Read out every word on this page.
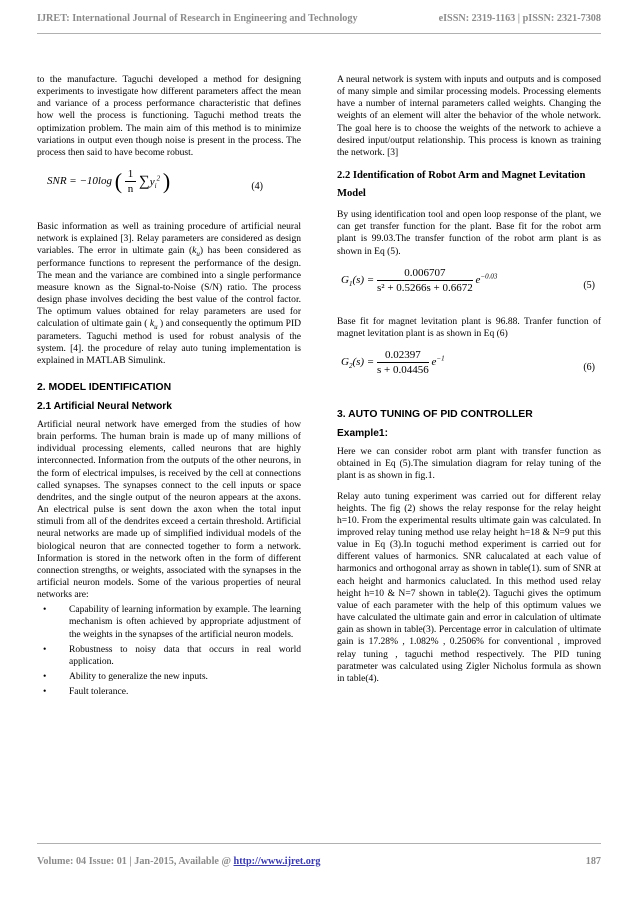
IJRET: International Journal of Research in Engineering and Technology	eISSN: 2319-1163 | pISSN: 2321-7308

to the manufacture. Taguchi developed a method for designing experiments to investigate how different parameters affect the mean and variance of a process performance characteristic that defines how well the process is functioning. Taguchi method treats the optimization problem. The main aim of this method is to minimize variations in output even though noise is present in the process. The process then said to have become robust.

SNR = −10log ( $\frac{1}{n} \sum y_i^2$ )	(4)

Basic information as well as training procedure of artificial neural network is explained [3]. Relay parameters are considered as design variables. The error in ultimate gain $(k_u)$ has been considered as performance functions to represent the performance of the design. The mean and the variance are combined into a single performance measure known as the Signal-to-Noise (S/N) ratio. The process design phase involves deciding the best value of the control factor. The optimum values obtained for relay parameters are used for calculation of ultimate gain ( $k_u$ ) and consequently the optimum PID parameters. Taguchi method is used for robust analysis of the system. [4]. the procedure of relay auto tuning implementation is explained in MATLAB Simulink.

2. MODEL IDENTIFICATION
2.1 Artificial Neural Network

Artificial neural network have emerged from the studies of how brain performs. The human brain is made up of many millions of individual processing elements, called neurons that are highly interconnected. Information from the outputs of the other neurons, in the form of electrical impulses, is received by the cell at connections called synapses. The synapses connect to the cell inputs or space dendrites, and the single output of the neuron appears at the axons. An electrical pulse is sent down the axon when the total input stimuli from all of the dendrites exceed a certain threshold. Artificial neural networks are made up of simplified individual models of the biological neuron that are connected together to form a network. Information is stored in the network often in the form of different connection strengths, or weights, associated with the synapses in the artificial neuron models. Some of the various properties of neural networks are:

• Capability of learning information by example. The learning mechanism is often achieved by appropriate adjustment of the weights in the synapses of the artificial neuron models.
• Robustness to noisy data that occurs in real world application.
• Ability to generalize the new inputs.
• Fault tolerance.

A neural network is system with inputs and outputs and is composed of many simple and similar processing models. Processing elements have a number of internal parameters called weights. Changing the weights of an element will alter the behavior of the whole network. The goal here is to choose the weights of the network to achieve a desired input/output relationship. This process is known as training the network. [3]

2.2 Identification of Robot Arm and Magnet Levitation Model

By using identification tool and open loop response of the plant, we can get transfer function for the plant. Base fit for the robot arm plant is 99.03.The transfer function of the robot arm plant is as shown in Eq (5).

$G_1(s) = \frac{0.006707}{\text{s² + 0.5266s + 0.6672}} e^{-0.03}$
(5)

Base fit for magnet levitation plant is 96.88. Tranfer function of magnet levitation plant is as shown in Eq (6)

$G_2(s) = \frac{0.02397}{s + 0.04456} e^{-1}$
(6)
3. AUTO TUNING OF PID CONTROLLER
Example1:

Here we can consider robot arm plant with transfer function as obtained in Eq (5).The simulation diagram for relay tuning of the plant is as shown in fig.1.

Relay auto tuning experiment was carried out for different relay heights. The fig (2) shows the relay response for the relay height h=10. From the experimental results ultimate gain was calculated. In improved relay tuning method use relay height h=18 & N=9 put this value in Eq (3).In toguchi method experiment is carried out for different values of harmonics. SNR calucalated at each value of harmonics and orthogonal array as shown in table(1). sum of SNR at each height and harmonics caluclated. In this method used relay height h=10 & N=7 shown in table(2). Taguchi gives the optimum value of each parameter with the help of this optimum values we have calculated the ultimate gain and error in calculation of ultimate gain as shown in table(3). Percentage error in calculation of ultimate gain is 17.28% , 1.082% , 0.2506% for conventional , improved relay tuning , taguchi method respectively. The PID tuning paratmeter was calculated using Zigler Nicholus formula as shown in table(4).

Volume: 04 Issue: 01 | Jan-2015, Available @ http://www.ijret.org	187
